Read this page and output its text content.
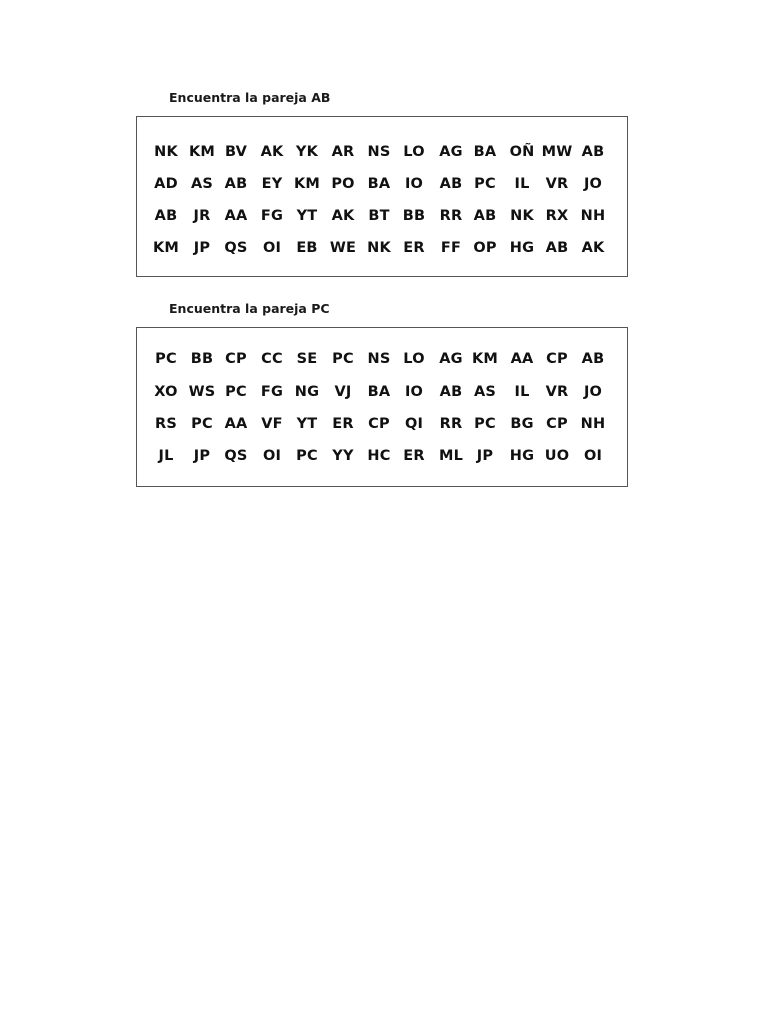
Encuentra la pareja AB
NK KM BV AK YK AR NS LO	AG BA OÑ MW AB
AD AS AB EY KM PO BA	IO	AB PC	IL	VR	JO
AB	JR AA FG YT AK BT BB RR AB NK RX NH
KM	JP QS	OI	EB WE NK ER	FF OP HG AB AK
Encuentra la pareja PC
PC BB CP CC SE	PC NS LO	AG KM AA CP AB
XO WS PC FG NG	VJ	BA	IO	AB AS	IL	VR	JO
RS PC AA VF YT	ER CP	QI	RR PC BG CP NH
JL	JP QS	OI	PC YY HC ER ML JP	HG UO	OI
